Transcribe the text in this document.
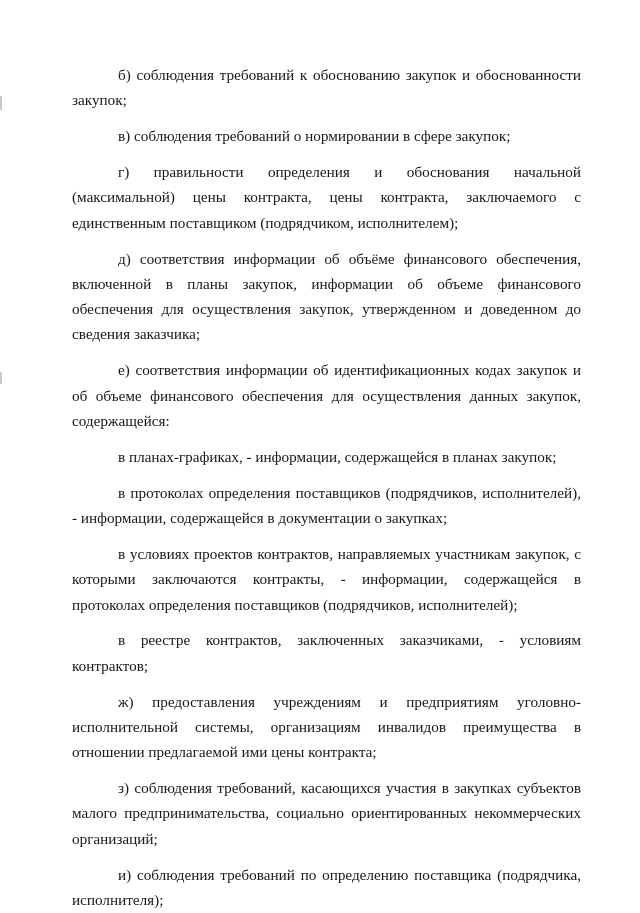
б) соблюдения требований к обоснованию закупок и обоснованности закупок;

в) соблюдения требований о нормировании в сфере закупок;

г) правильности определения и обоснования начальной (максимальной) цены контракта, цены контракта, заключаемого с единственным поставщиком (подрядчиком, исполнителем);

д) соответствия информации об объёме финансового обеспечения, включенной в планы закупок, информации об объеме финансового обеспечения для осуществления закупок, утвержденном и доведенном до сведения заказчика;

е) соответствия информации об идентификационных кодах закупок и об объеме финансового обеспечения для осуществления данных закупок, содержащейся:

в планах-графиках, - информации, содержащейся в планах закупок;

в протоколах определения поставщиков (подрядчиков, исполнителей), - информации, содержащейся в документации о закупках;

в условиях проектов контрактов, направляемых участникам закупок, с которыми заключаются контракты, - информации, содержащейся в протоколах определения поставщиков (подрядчиков, исполнителей);

в реестре контрактов, заключенных заказчиками, - условиям контрактов;

ж) предоставления учреждениям и предприятиям уголовно-исполнительной системы, организациям инвалидов преимущества в отношении предлагаемой ими цены контракта;

з) соблюдения требований, касающихся участия в закупках субъектов малого предпринимательства, социально ориентированных некоммерческих организаций;

и) соблюдения требований по определению поставщика (подрядчика, исполнителя);
